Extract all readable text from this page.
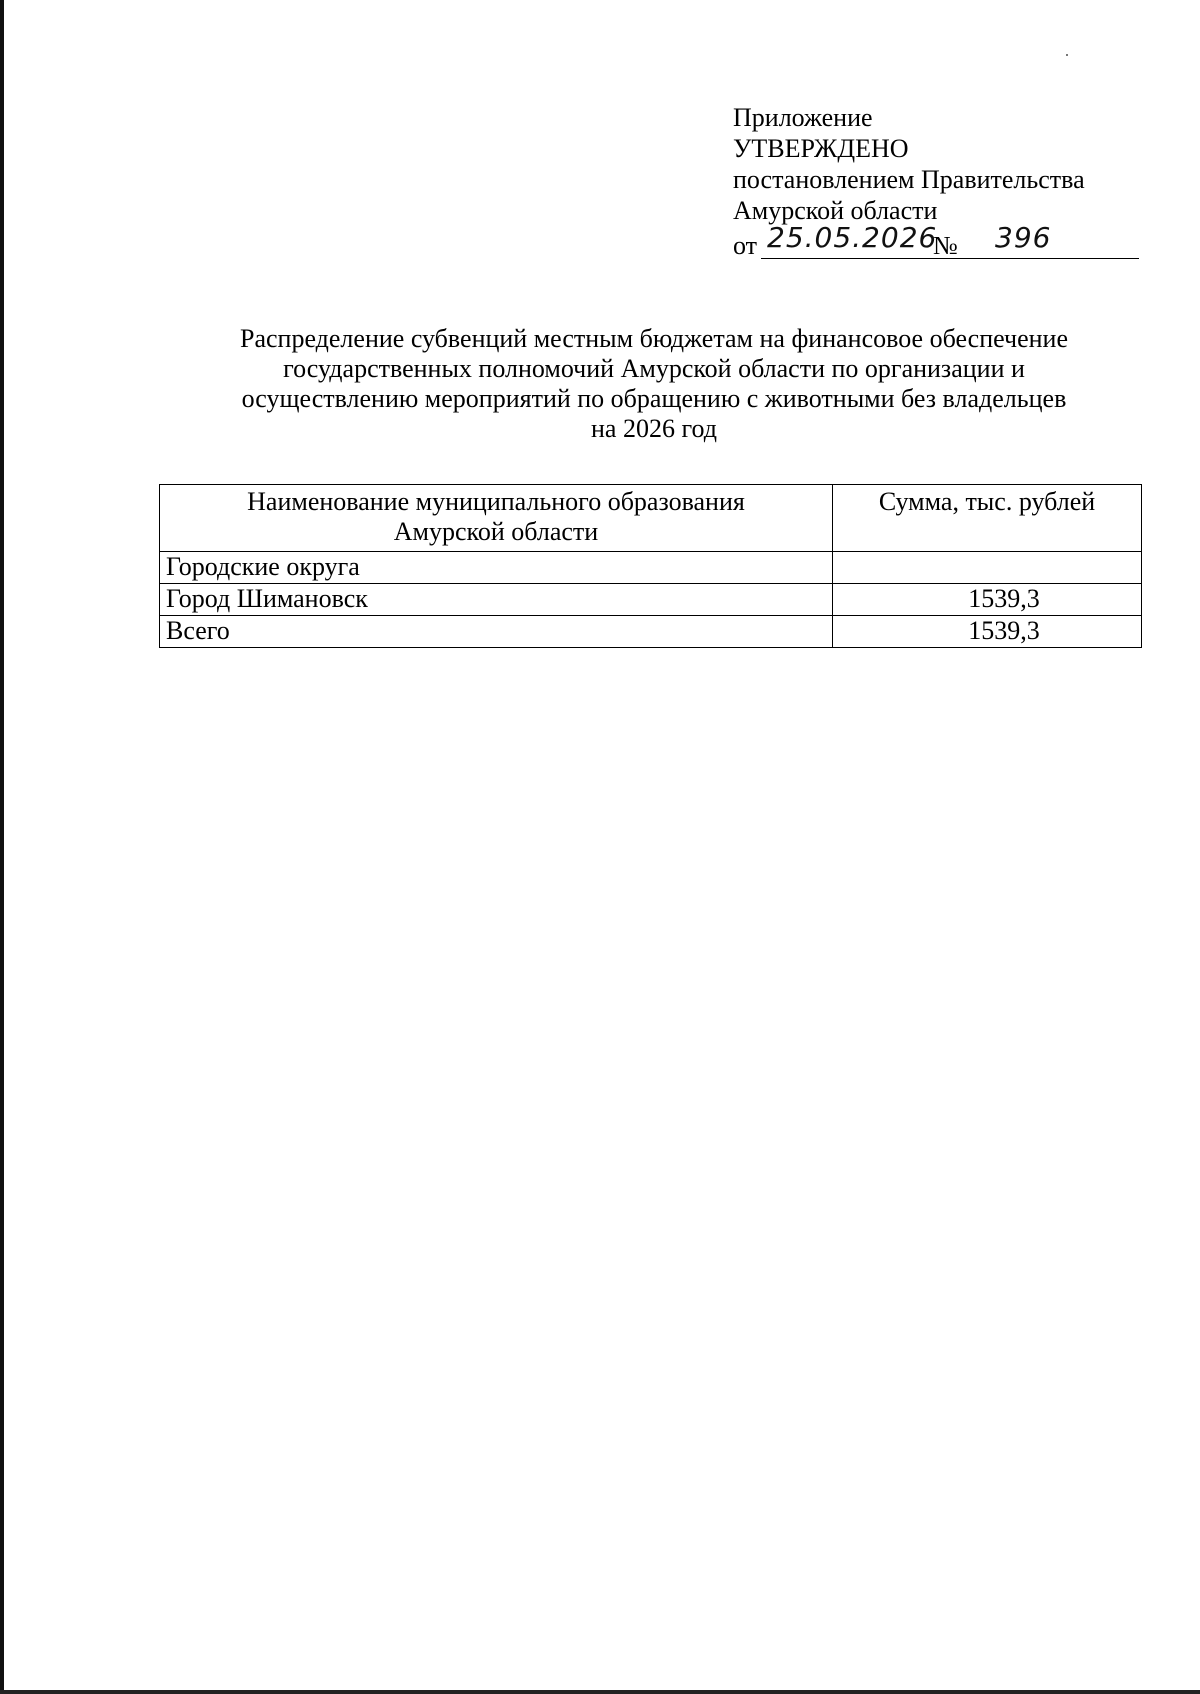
Приложение
УТВЕРЖДЕНО
постановлением Правительства
Амурской области
от 25.05.2026
№ 396
Распределение субвенций местным бюджетам на финансовое обеспечение
государственных полномочий Амурской области по организации и
осуществлению мероприятий по обращению с животными без владельцев
на 2026 год
Наименование муниципального образования
Амурской области	Сумма, тыс. рублей
Городские округа	
Город Шимановск	1539,3
Всего	1539,3
